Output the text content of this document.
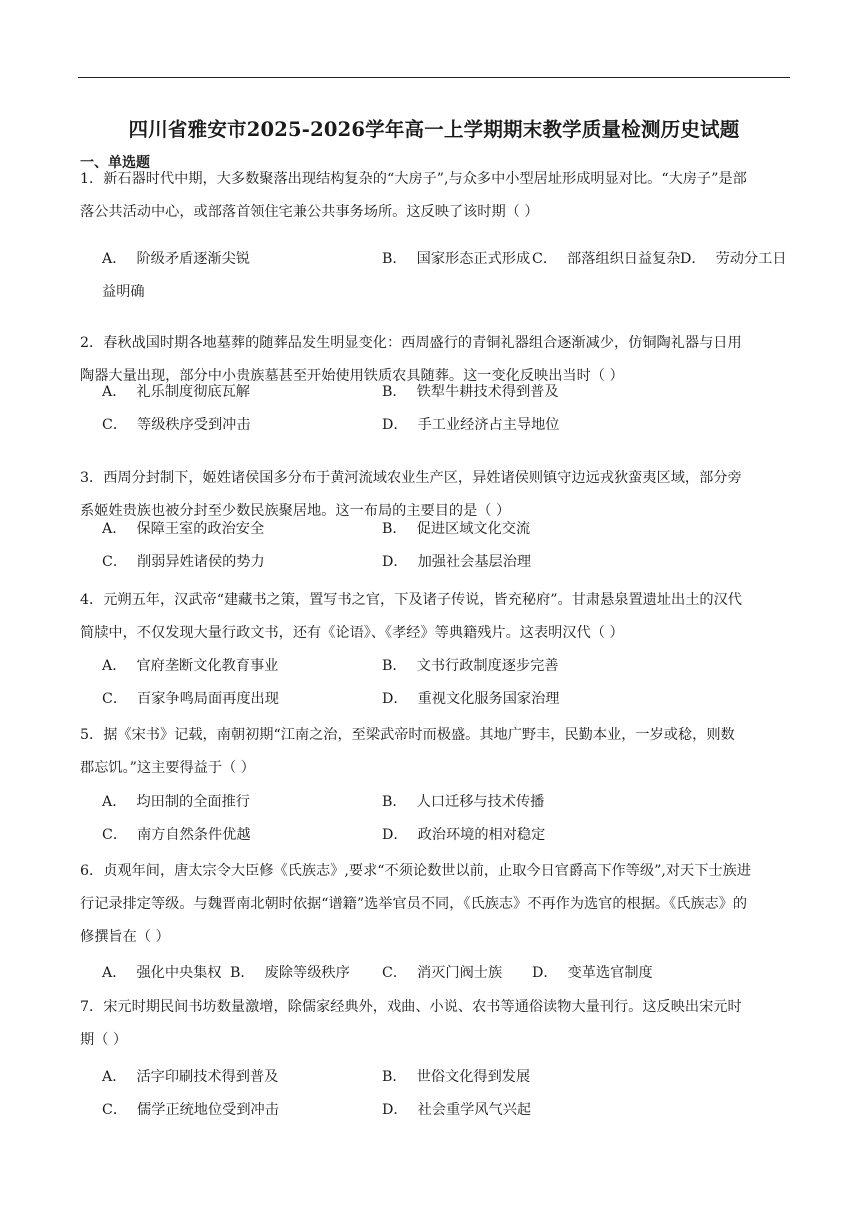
四川省雅安市2025-2026学年高一上学期期末教学质量检测历史试题
一、单选题
1．新石器时代中期，大多数聚落出现结构复杂的“大房子”,与众多中小型居址形成明显对比。“大房子”是部
落公共活动中心，或部落首领住宅兼公共事务场所。这反映了该时期（ ）
A． 阶级矛盾逐渐尖锐	B． 国家形态正式形成 C． 部落组织日益复杂 D． 劳动分工日
益明确
2．春秋战国时期各地墓葬的随葬品发生明显变化：西周盛行的青铜礼器组合逐渐减少，仿铜陶礼器与日用
陶器大量出现，部分中小贵族墓甚至开始使用铁质农具随葬。这一变化反映出当时（ ）
A． 礼乐制度彻底瓦解	B． 铁犁牛耕技术得到普及
C． 等级秩序受到冲击	D． 手工业经济占主导地位
3．西周分封制下，姬姓诸侯国多分布于黄河流域农业生产区，异姓诸侯则镇守边远戎狄蛮夷区域，部分旁
系姬姓贵族也被分封至少数民族聚居地。这一布局的主要目的是（ ）
A． 保障王室的政治安全	B． 促进区域文化交流
C． 削弱异姓诸侯的势力	D． 加强社会基层治理
4．元朔五年，汉武帝“建藏书之策，置写书之官，下及诸子传说，皆充秘府”。甘肃悬泉置遗址出土的汉代
简牍中，不仅发现大量行政文书，还有《论语》、《孝经》等典籍残片。这表明汉代（ ）
A． 官府垄断文化教育事业	B． 文书行政制度逐步完善
C． 百家争鸣局面再度出现	D． 重视文化服务国家治理
5．据《宋书》记载，南朝初期“江南之治，至梁武帝时而极盛。其地广野丰，民勤本业，一岁或稔，则数
郡忘饥。”这主要得益于（ ）
A． 均田制的全面推行	B． 人口迁移与技术传播
C． 南方自然条件优越	D． 政治环境的相对稳定
6．贞观年间，唐太宗令大臣修《氏族志》,要求“不须论数世以前，止取今日官爵高下作等级”,对天下士族进
行记录排定等级。与魏晋南北朝时依据“谱籍”选举官员不同，《氏族志》不再作为选官的根据。《氏族志》的
修撰旨在（ ）
A． 强化中央集权 B． 废除等级秩序 C． 消灭门阀士族 D． 变革选官制度
7．宋元时期民间书坊数量激增，除儒家经典外，戏曲、小说、农书等通俗读物大量刊行。这反映出宋元时
期（ ）
A． 活字印刷技术得到普及	B． 世俗文化得到发展
C． 儒学正统地位受到冲击	D． 社会重学风气兴起
